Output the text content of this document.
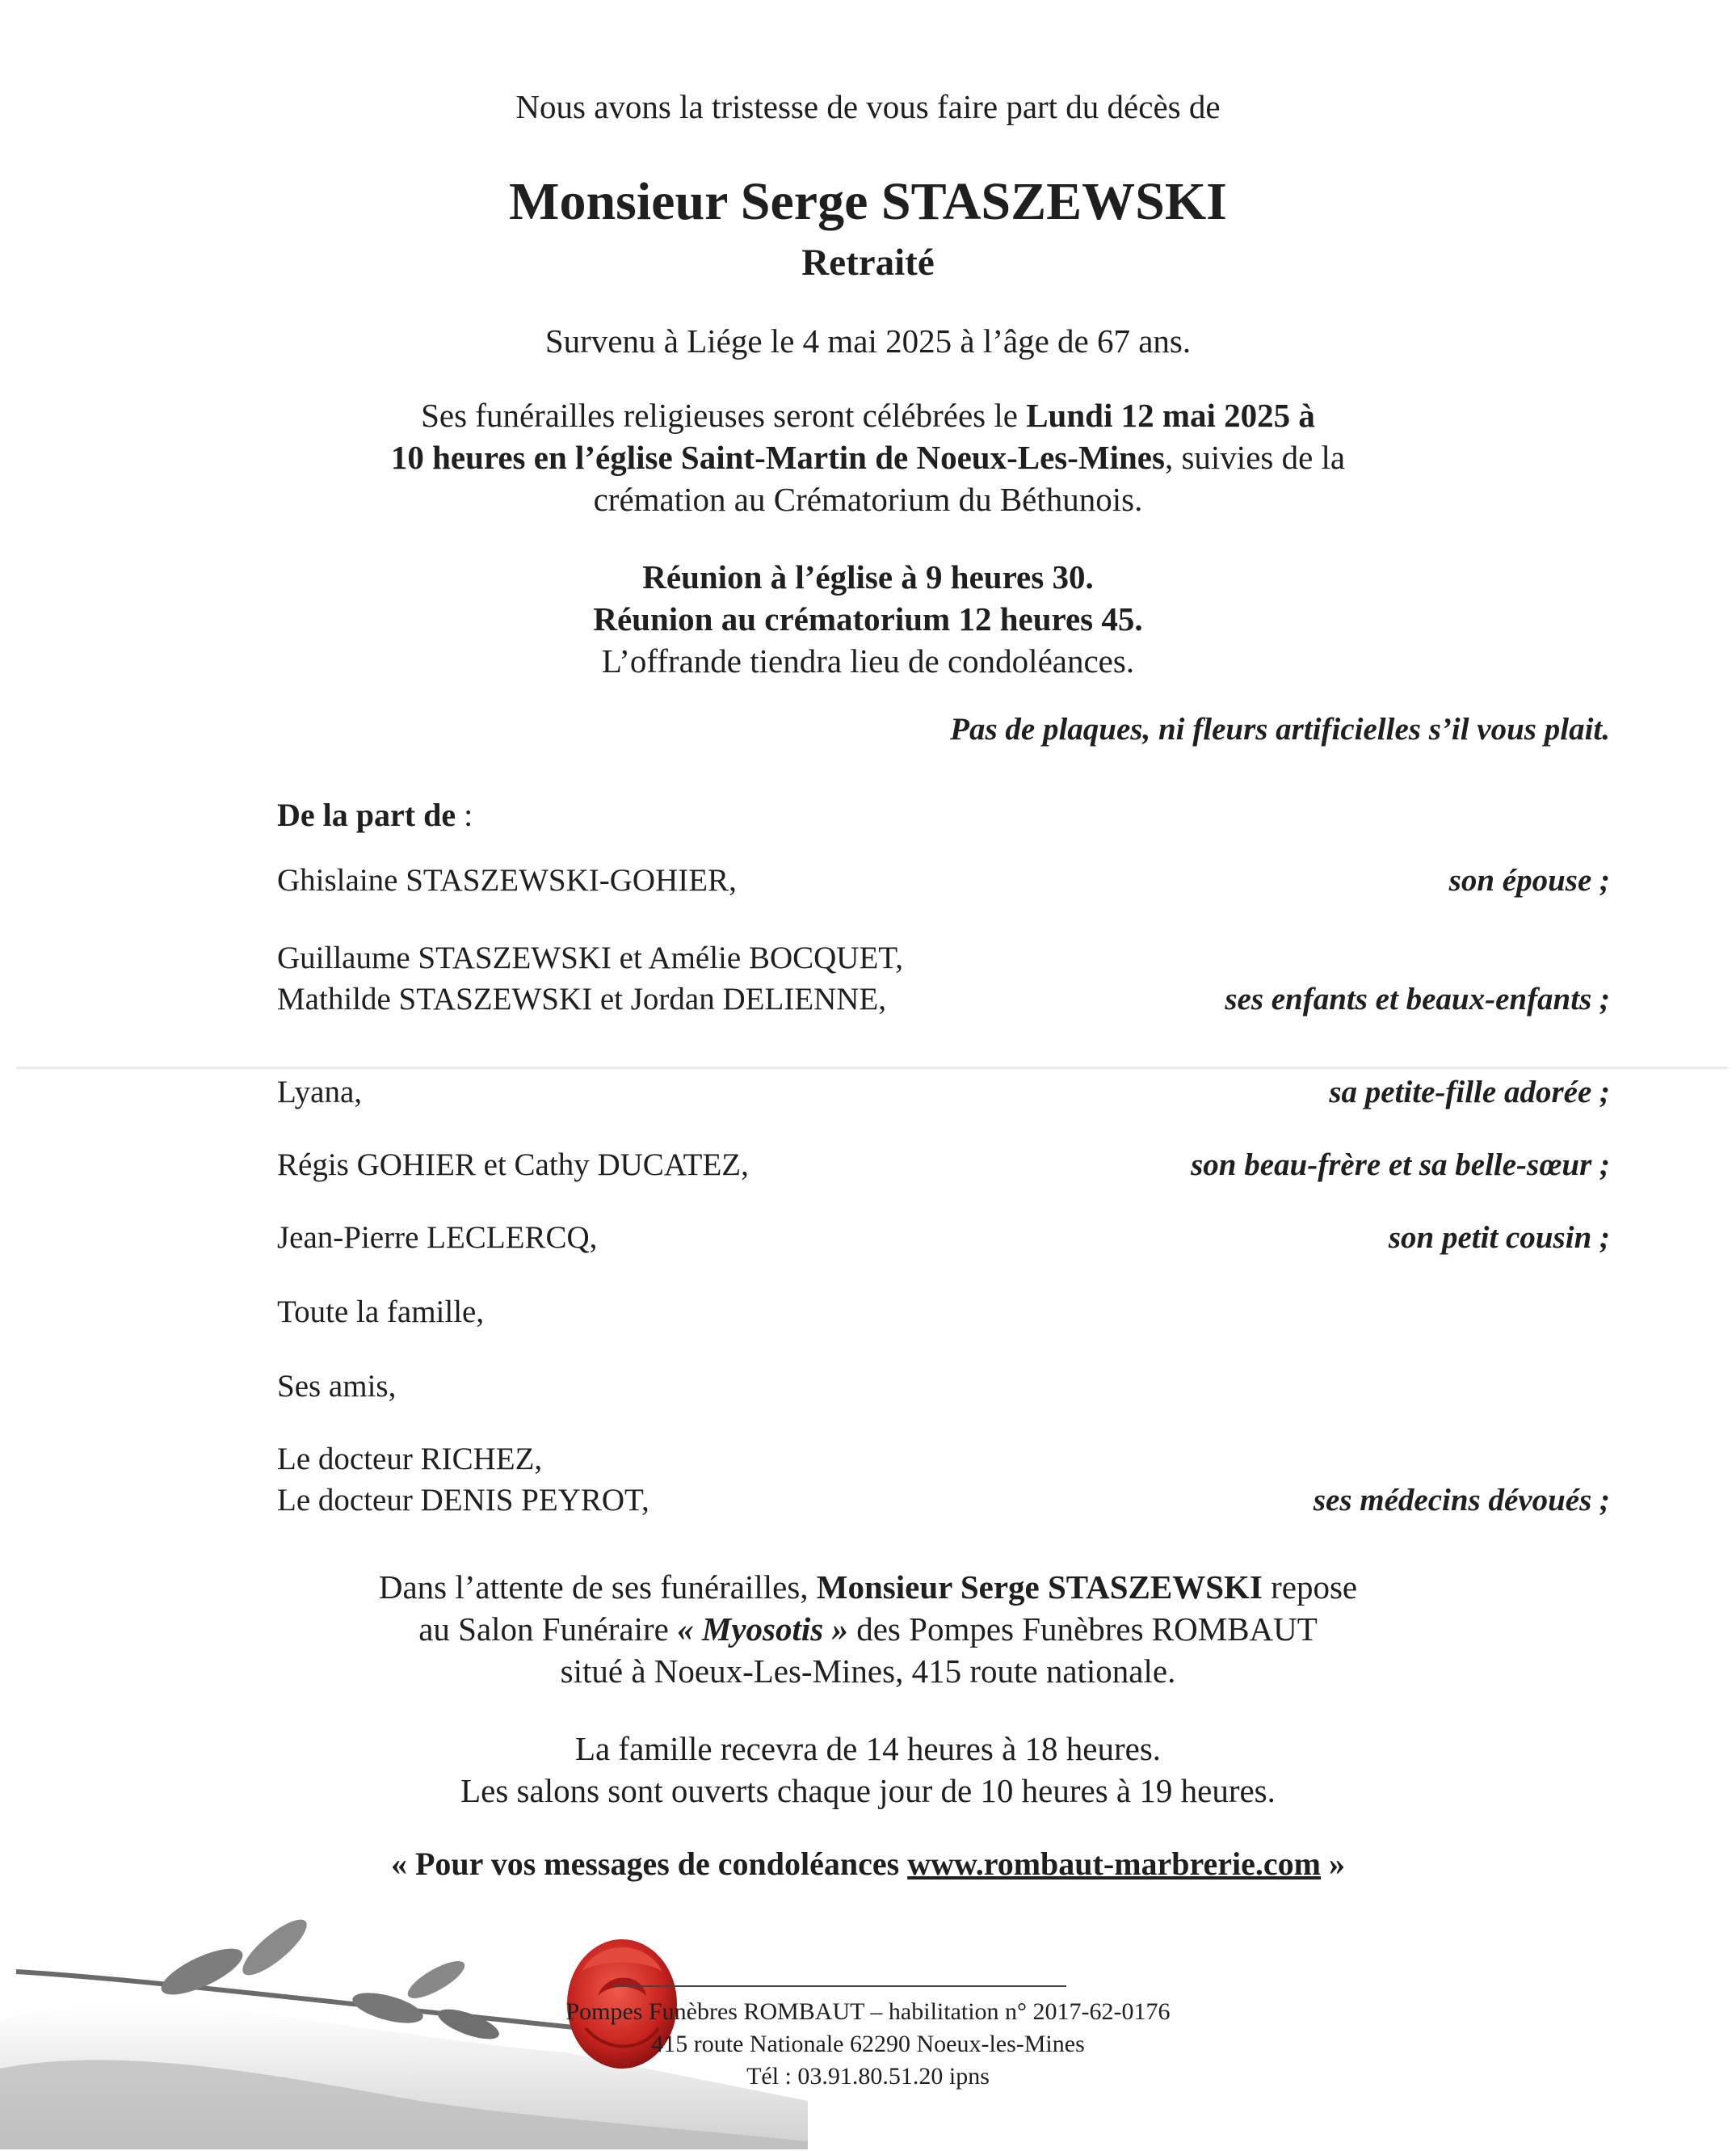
Nous avons la tristesse de vous faire part du décès de
Monsieur Serge STASZEWSKI
Retraité
Survenu à Liége le 4 mai 2025 à l’âge de 67 ans.
Ses funérailles religieuses seront célébrées le Lundi 12 mai 2025 à
10 heures en l’église Saint-Martin de Noeux-Les-Mines, suivies de la
crémation au Crématorium du Béthunois.
Réunion à l’église à 9 heures 30.
Réunion au crématorium 12 heures 45.
L’offrande tiendra lieu de condoléances.
Pas de plaques, ni fleurs artificielles s’il vous plait.
De la part de :
Ghislaine STASZEWSKI-GOHIER,	son épouse ;
Guillaume STASZEWSKI et Amélie BOCQUET,
Mathilde STASZEWSKI et Jordan DELIENNE,	ses enfants et beaux-enfants ;
Lyana,	sa petite-fille adorée ;
Régis GOHIER et Cathy DUCATEZ,	son beau-frère et sa belle-sœur ;
Jean-Pierre LECLERCQ,	son petit cousin ;
Toute la famille,
Ses amis,
Le docteur RICHEZ,
Le docteur DENIS PEYROT,	ses médecins dévoués ;
Dans l’attente de ses funérailles, Monsieur Serge STASZEWSKI repose
au Salon Funéraire « Myosotis » des Pompes Funèbres ROMBAUT
situé à Noeux-Les-Mines, 415 route nationale.
La famille recevra de 14 heures à 18 heures.
Les salons sont ouverts chaque jour de 10 heures à 19 heures.
« Pour vos messages de condoléances www.rombaut-marbrerie.com »
Pompes Funèbres ROMBAUT – habilitation n° 2017-62-0176
415 route Nationale 62290 Noeux-les-Mines
Tél : 03.91.80.51.20 ipns
